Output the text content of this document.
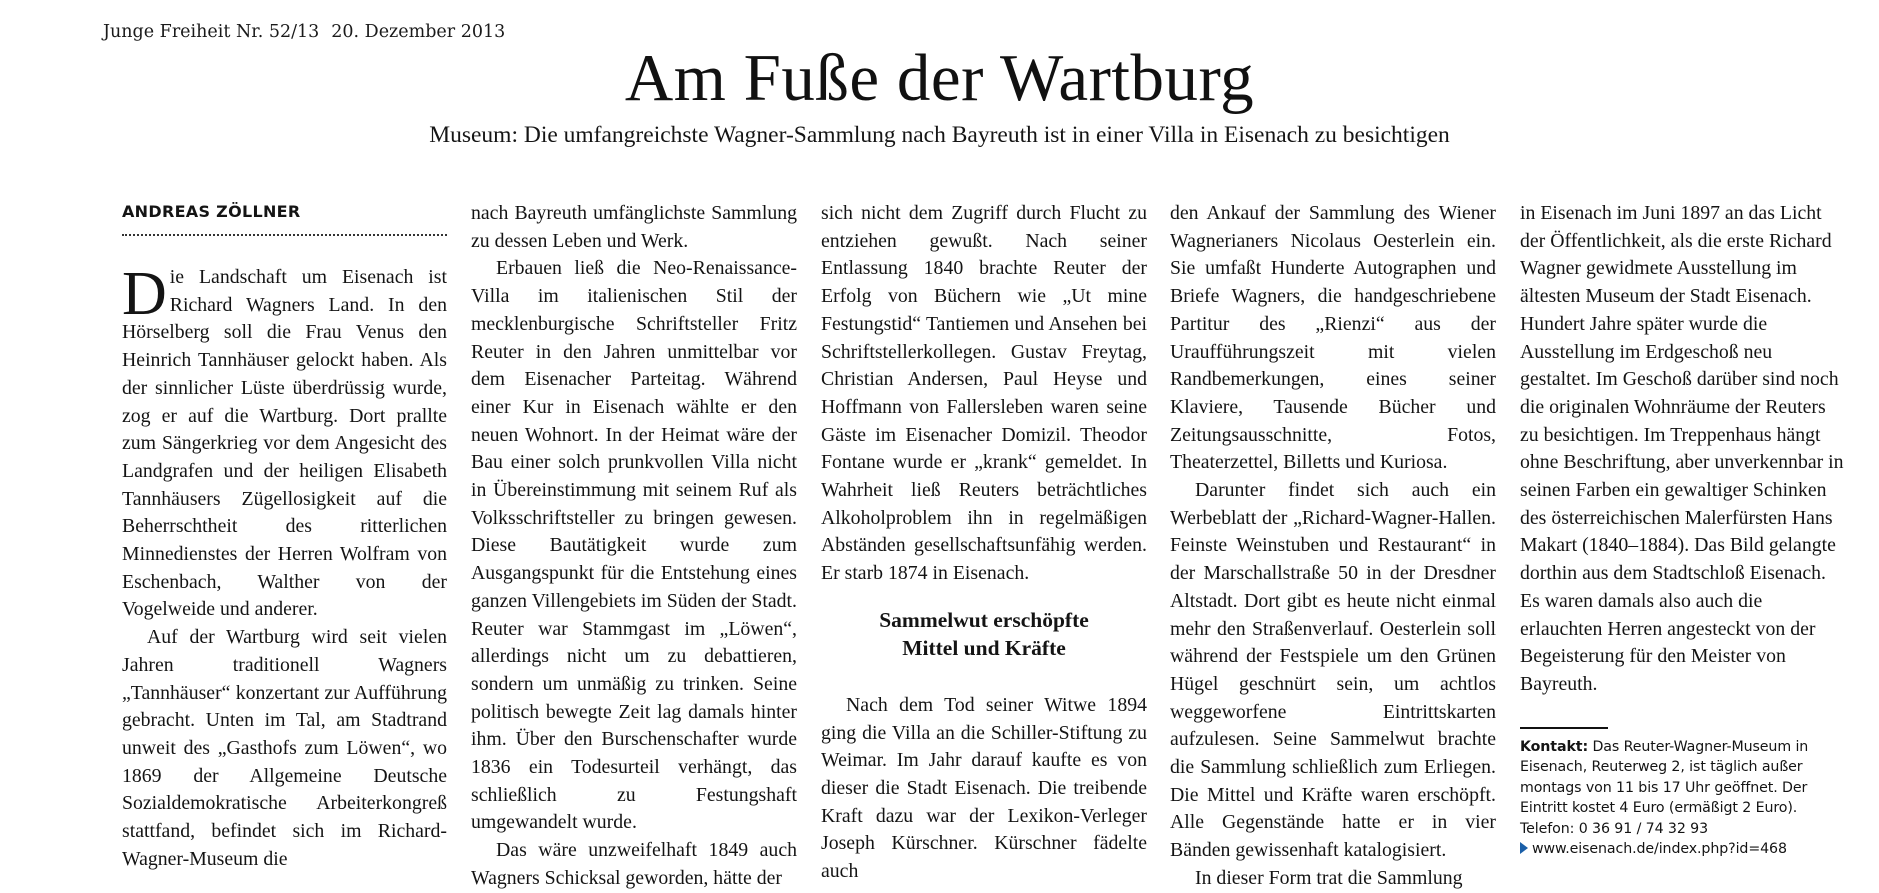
Junge Freiheit Nr. 52/13 20. Dezember 2013
Am Fuße der Wartburg
Museum: Die umfangreichste Wagner-Sammlung nach Bayreuth ist in einer Villa in Eisenach zu besichtigen
ANDREAS ZÖLLNER

Die Landschaft um Eisenach ist Richard Wagners Land. In den Hörselberg soll die Frau Venus den Heinrich Tannhäuser gelockt haben. Als der sinnlicher Lüste überdrüssig wurde, zog er auf die Wartburg. Dort prallte zum Sängerkrieg vor dem Angesicht des Landgrafen und der heiligen Elisabeth Tannhäusers Zügellosigkeit auf die Beherrschtheit des ritterlichen Minnedienstes der Herren Wolfram von Eschenbach, Walther von der Vogelweide und anderer.

Auf der Wartburg wird seit vielen Jahren traditionell Wagners „Tannhäuser“ konzertant zur Aufführung gebracht. Unten im Tal, am Stadtrand unweit des „Gasthofs zum Löwen“, wo 1869 der Allgemeine Deutsche Sozialdemokratische Arbeiterkongreß stattfand, befindet sich im Richard-Wagner-Museum die

nach Bayreuth umfänglichste Sammlung zu dessen Leben und Werk.

Erbauen ließ die Neo-Renaissance-Villa im italienischen Stil der mecklenburgische Schriftsteller Fritz Reuter in den Jahren unmittelbar vor dem Eisenacher Parteitag. Während einer Kur in Eisenach wählte er den neuen Wohnort. In der Heimat wäre der Bau einer solch prunkvollen Villa nicht in Übereinstimmung mit seinem Ruf als Volksschriftsteller zu bringen gewesen. Diese Bautätigkeit wurde zum Ausgangspunkt für die Entstehung eines ganzen Villengebiets im Süden der Stadt. Reuter war Stammgast im „Löwen“, allerdings nicht um zu debattieren, sondern um unmäßig zu trinken. Seine politisch bewegte Zeit lag damals hinter ihm. Über den Burschenschafter wurde 1836 ein Todesurteil verhängt, das schließlich zu Festungshaft umgewandelt wurde.

Das wäre unzweifelhaft 1849 auch Wagners Schicksal geworden, hätte der

sich nicht dem Zugriff durch Flucht zu entziehen gewußt. Nach seiner Entlassung 1840 brachte Reuter der Erfolg von Büchern wie „Ut mine Festungstid“ Tantiemen und Ansehen bei Schriftstellerkollegen. Gustav Freytag, Christian Andersen, Paul Heyse und Hoffmann von Fallersleben waren seine Gäste im Eisenacher Domizil. Theodor Fontane wurde er „krank“ gemeldet. In Wahrheit ließ Reuters beträchtliches Alkoholproblem ihn in regelmäßigen Abständen gesellschaftsunfähig werden. Er starb 1874 in Eisenach.

Sammelwut erschöpfte
Mittel und Kräfte

Nach dem Tod seiner Witwe 1894 ging die Villa an die Schiller-Stiftung zu Weimar. Im Jahr darauf kaufte es von dieser die Stadt Eisenach. Die treibende Kraft dazu war der Lexikon-Verleger Joseph Kürschner. Kürschner fädelte auch

den Ankauf der Sammlung des Wiener Wagnerianers Nicolaus Oesterlein ein. Sie umfaßt Hunderte Autographen und Briefe Wagners, die handgeschriebene Partitur des „Rienzi“ aus der Uraufführungszeit mit vielen Randbemerkungen, eines seiner Klaviere, Tausende Bücher und Zeitungsausschnitte, Fotos, Theaterzettel, Billetts und Kuriosa.

Darunter findet sich auch ein Werbeblatt der „Richard-Wagner-Hallen. Feinste Weinstuben und Restaurant“ in der Marschallstraße 50 in der Dresdner Altstadt. Dort gibt es heute nicht einmal mehr den Straßenverlauf. Oesterlein soll während der Festspiele um den Grünen Hügel geschnürt sein, um achtlos weggeworfene Eintrittskarten aufzulesen. Seine Sammelwut brachte die Sammlung schließlich zum Erliegen. Die Mittel und Kräfte waren erschöpft. Alle Gegenstände hatte er in vier Bänden gewissenhaft katalogisiert.

In dieser Form trat die Sammlung

in Eisenach im Juni 1897 an das Licht der Öffentlichkeit, als die erste Richard Wagner gewidmete Ausstellung im ältesten Museum der Stadt Eisenach. Hundert Jahre später wurde die Ausstellung im Erdgeschoß neu gestaltet. Im Geschoß darüber sind noch die originalen Wohnräume der Reuters zu besichtigen. Im Treppenhaus hängt ohne Beschriftung, aber unverkennbar in seinen Farben ein gewaltiger Schinken des österreichischen Malerfürsten Hans Makart (1840–1884). Das Bild gelangte dorthin aus dem Stadtschloß Eisenach. Es waren damals also auch die erlauchten Herren angesteckt von der Begeisterung für den Meister von Bayreuth.

Kontakt: Das Reuter-Wagner-Museum in Eisenach, Reuterweg 2, ist täglich außer montags von 11 bis 17 Uhr geöffnet. Der Eintritt kostet 4 Euro (ermäßigt 2 Euro). Telefon: 0 36 91 / 74 32 93
www.eisenach.de/index.php?id=468
